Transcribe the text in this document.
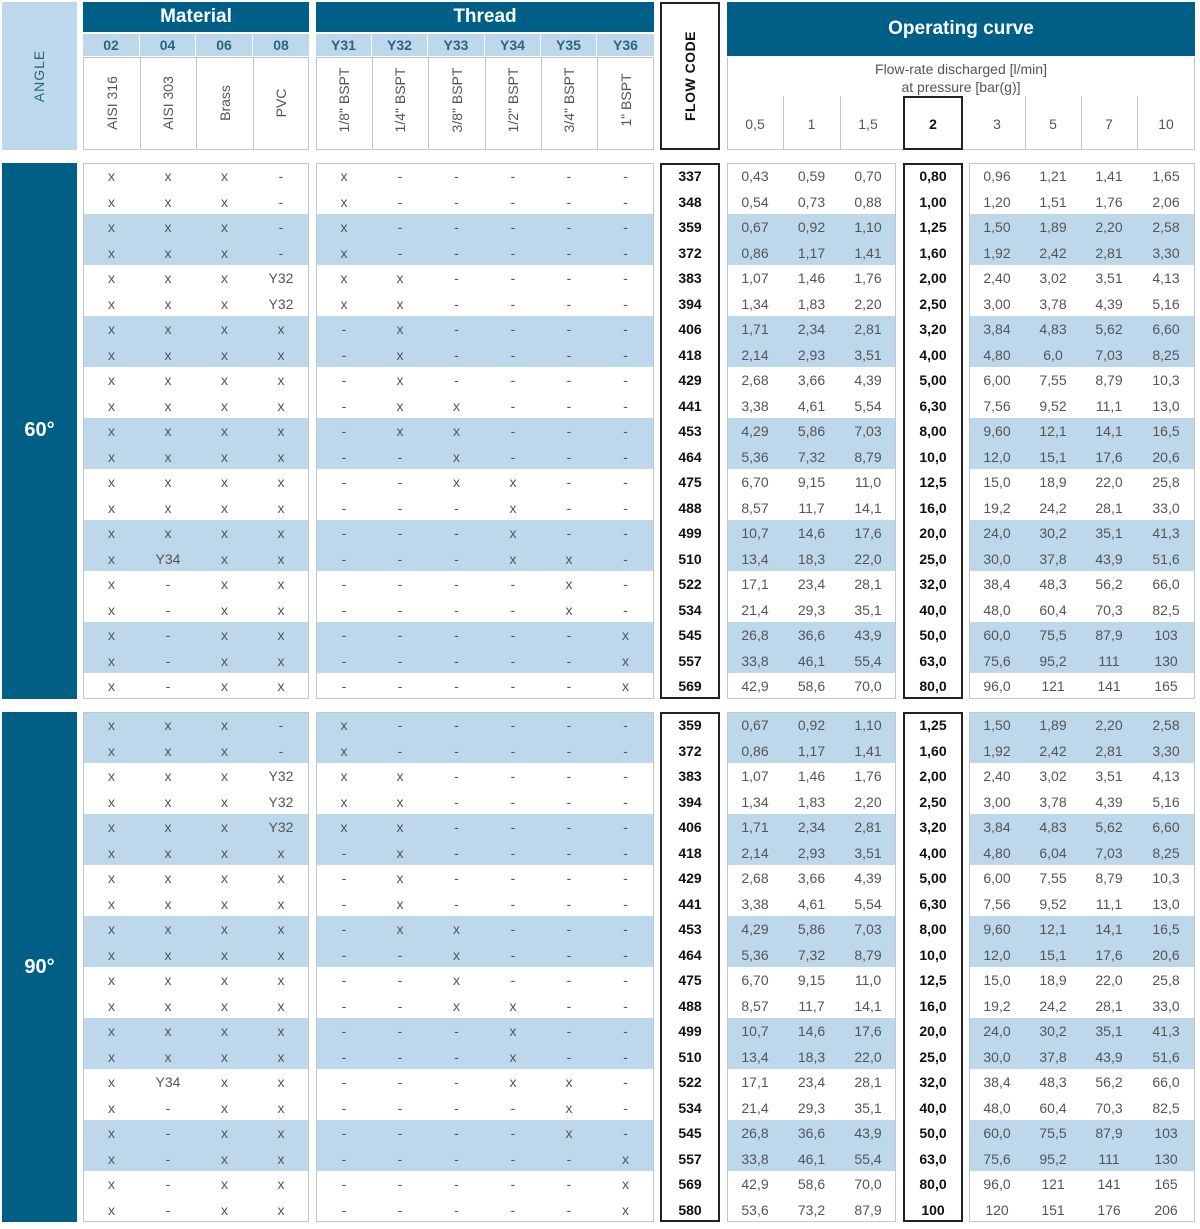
ANGLE
Material
02	04	06	08
AISI 316	AISI 303	Brass	PVC
Thread
Y31	Y32	Y33	Y34	Y35	Y36
1/8" BSPT	1/4" BSPT	3/8" BSPT	1/2" BSPT	3/4" BSPT	1" BSPT	FLOW CODE
Operating curve
Flow-rate discharged [l/min]
at pressure [bar(g)]
0,5	1	1,5	2	3	5	7	10
60°
x	x	x	-	x	-	-	-	-	-	337	0,43	0,59	0,70	0,80	0,96	1,21	1,41	1,65
x	x	x	-	x	-	-	-	-	-	348	0,54	0,73	0,88	1,00	1,20	1,51	1,76	2,06
x	x	x	-	x	-	-	-	-	-	359	0,67	0,92	1,10	1,25	1,50	1,89	2,20	2,58
x	x	x	-	x	-	-	-	-	-	372	0,86	1,17	1,41	1,60	1,92	2,42	2,81	3,30
x	x	x	Y32	x	x	-	-	-	-	383	1,07	1,46	1,76	2,00	2,40	3,02	3,51	4,13
x	x	x	Y32	x	x	-	-	-	-	394	1,34	1,83	2,20	2,50	3,00	3,78	4,39	5,16
x	x	x	x	-	x	-	-	-	-	406	1,71	2,34	2,81	3,20	3,84	4,83	5,62	6,60
x	x	x	x	-	x	-	-	-	-	418	2,14	2,93	3,51	4,00	4,80	6,0	7,03	8,25
x	x	x	x	-	x	-	-	-	-	429	2,68	3,66	4,39	5,00	6,00	7,55	8,79	10,3
x	x	x	x	-	x	x	-	-	-	441	3,38	4,61	5,54	6,30	7,56	9,52	11,1	13,0
x	x	x	x	-	x	x	-	-	-	453	4,29	5,86	7,03	8,00	9,60	12,1	14,1	16,5
x	x	x	x	-	-	x	-	-	-	464	5,36	7,32	8,79	10,0	12,0	15,1	17,6	20,6
x	x	x	x	-	-	x	x	-	-	475	6,70	9,15	11,0	12,5	15,0	18,9	22,0	25,8
x	x	x	x	-	-	-	x	-	-	488	8,57	11,7	14,1	16,0	19,2	24,2	28,1	33,0
x	x	x	x	-	-	-	x	-	-	499	10,7	14,6	17,6	20,0	24,0	30,2	35,1	41,3
x	Y34	x	x	-	-	-	x	x	-	510	13,4	18,3	22,0	25,0	30,0	37,8	43,9	51,6
x	-	x	x	-	-	-	-	x	-	522	17,1	23,4	28,1	32,0	38,4	48,3	56,2	66,0
x	-	x	x	-	-	-	-	x	-	534	21,4	29,3	35,1	40,0	48,0	60,4	70,3	82,5
x	-	x	x	-	-	-	-	-	x	545	26,8	36,6	43,9	50,0	60,0	75,5	87,9	103
x	-	x	x	-	-	-	-	-	x	557	33,8	46,1	55,4	63,0	75,6	95,2	111	130
x	-	x	x	-	-	-	-	-	x	569	42,9	58,6	70,0	80,0	96,0	121	141	165
90°
x	x	x	-	x	-	-	-	-	-	359	0,67	0,92	1,10	1,25	1,50	1,89	2,20	2,58
x	x	x	-	x	-	-	-	-	-	372	0,86	1,17	1,41	1,60	1,92	2,42	2,81	3,30
x	x	x	Y32	x	x	-	-	-	-	383	1,07	1,46	1,76	2,00	2,40	3,02	3,51	4,13
x	x	x	Y32	x	x	-	-	-	-	394	1,34	1,83	2,20	2,50	3,00	3,78	4,39	5,16
x	x	x	Y32	x	x	-	-	-	-	406	1,71	2,34	2,81	3,20	3,84	4,83	5,62	6,60
x	x	x	x	-	x	-	-	-	-	418	2,14	2,93	3,51	4,00	4,80	6,04	7,03	8,25
x	x	x	x	-	x	-	-	-	-	429	2,68	3,66	4,39	5,00	6,00	7,55	8,79	10,3
x	x	x	x	-	x	-	-	-	-	441	3,38	4,61	5,54	6,30	7,56	9,52	11,1	13,0
x	x	x	x	-	x	x	-	-	-	453	4,29	5,86	7,03	8,00	9,60	12,1	14,1	16,5
x	x	x	x	-	-	x	-	-	-	464	5,36	7,32	8,79	10,0	12,0	15,1	17,6	20,6
x	x	x	x	-	-	x	-	-	-	475	6,70	9,15	11,0	12,5	15,0	18,9	22,0	25,8
x	x	x	x	-	-	x	x	-	-	488	8,57	11,7	14,1	16,0	19,2	24,2	28,1	33,0
x	x	x	x	-	-	-	x	-	-	499	10,7	14,6	17,6	20,0	24,0	30,2	35,1	41,3
x	x	x	x	-	-	-	x	-	-	510	13,4	18,3	22,0	25,0	30,0	37,8	43,9	51,6
x	Y34	x	x	-	-	-	x	x	-	522	17,1	23,4	28,1	32,0	38,4	48,3	56,2	66,0
x	-	x	x	-	-	-	-	x	-	534	21,4	29,3	35,1	40,0	48,0	60,4	70,3	82,5
x	-	x	x	-	-	-	-	x	-	545	26,8	36,6	43,9	50,0	60,0	75,5	87,9	103
x	-	x	x	-	-	-	-	-	x	557	33,8	46,1	55,4	63,0	75,6	95,2	111	130
x	-	x	x	-	-	-	-	-	x	569	42,9	58,6	70,0	80,0	96,0	121	141	165
x	-	x	x	-	-	-	-	-	x	580	53,6	73,2	87,9	100	120	151	176	206
